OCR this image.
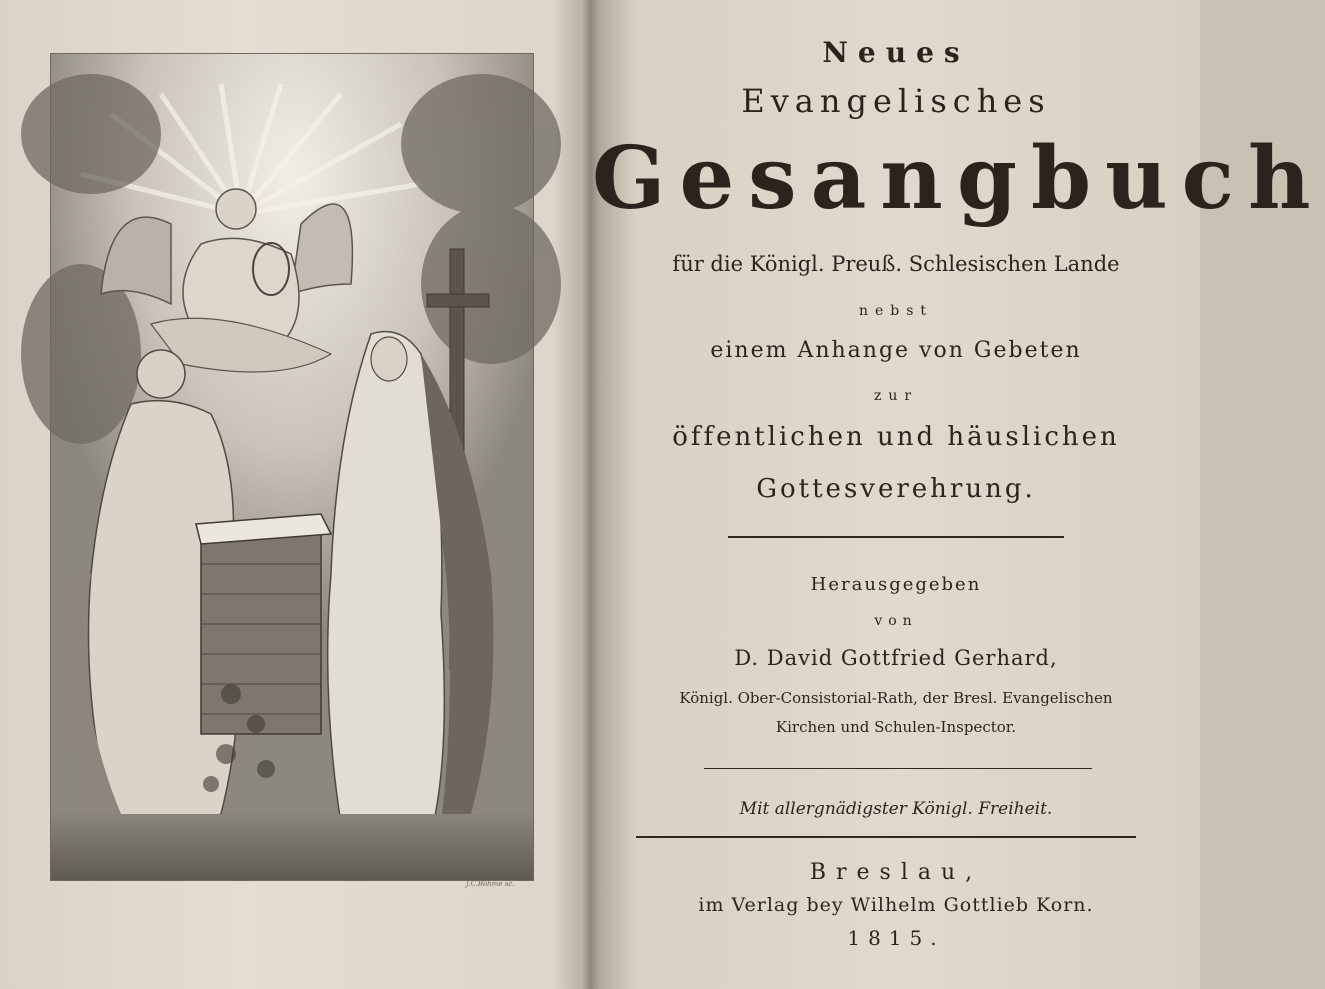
J.C.Böhme sc.
Neues
Evangelisches
Gesangbuch
für die Königl. Preuß. Schlesischen Lande
nebst
einem Anhange von Gebeten
zur
öffentlichen und häuslichen
Gottesverehrung.
Herausgegeben
von
D. David Gottfried Gerhard,
Königl. Ober-Consistorial-Rath, der Bresl. Evangelischen
Kirchen und Schulen-Inspector.
Mit allergnädigster Königl. Freiheit.
Breslau,
im Verlag bey Wilhelm Gottlieb Korn.
1815.
